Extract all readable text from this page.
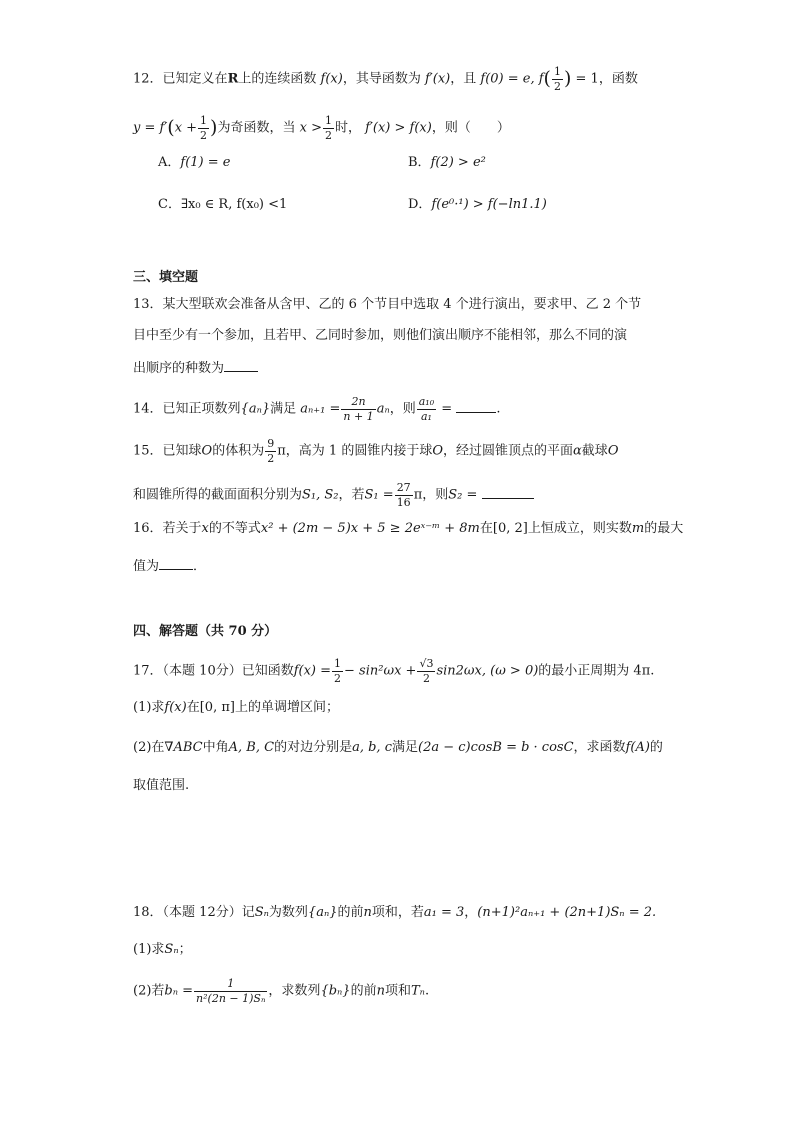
12．已知定义在R上的连续函数 f(x)，其导函数为 f′(x)，且 f(0) = e, $f( \frac{1}{2}$ ) = 1，函数
$y = f'(x + \frac{1}{2}$ )为奇函数，当 $x > \frac{1}{2}$ 时， f′(x) > f(x)，则（　　）
A．f(1) = e	B．f(2) > e²
C．∃x₀ ∈ R, f(x₀) <1	D．f(e⁰·¹) > f(−ln1.1)
三、填空题
13．某大型联欢会准备从含甲、乙的 6 个节目中选取 4 个进行演出，要求甲、乙 2 个节
目中至少有一个参加，且若甲、乙同时参加，则他们演出顺序不能相邻，那么不同的演
出顺序的种数为
14．已知正项数列{aₙ}满足 $a_{n+1} = \frac{2n}{n + 1}$ aₙ，则 $\frac{\text{a₁₀}}{\text{a₁}}$ =	.
15．已知球O的体积为 $\frac{9}{2}$ π，高为 1 的圆锥内接于球O，经过圆锥顶点的平面α截球O
和圆锥所得的截面面积分别为S₁, S₂，若$S_1 = \frac{27}{16}$ π，则S₂ =
16．若关于x的不等式x² + (2m − 5)x + 5 ≥ 2eˣ⁻ᵐ + 8m在[0, 2]上恒成立，则实数m的最大
值为	．
四、解答题（共 70 分）
17．（本题 10分）已知函数$f(x) = \frac{1}{2} - \sin^2\omega x + \frac{√3}{2} \sin 2\omega x$, (ω > 0)的最小正周期为 4π.
(1)求f(x)在[0, π]上的单调增区间；
(2)在∇ABC中角A, B, C的对边分别是a, b, c满足(2a − c)cosB = b · cosC，求函数f(A)的
取值范围.
18．（本题 12分）记Sₙ为数列{aₙ}的前n项和，若a₁ = 3，(n+1)²aₙ₊₁ + (2n+1)Sₙ = 2.
(1)求Sₙ；
(2)若$b_n = \frac{1}{\text{n²(2n − 1)Sₙ}}$ ，求数列{bₙ}的前n项和Tₙ.
